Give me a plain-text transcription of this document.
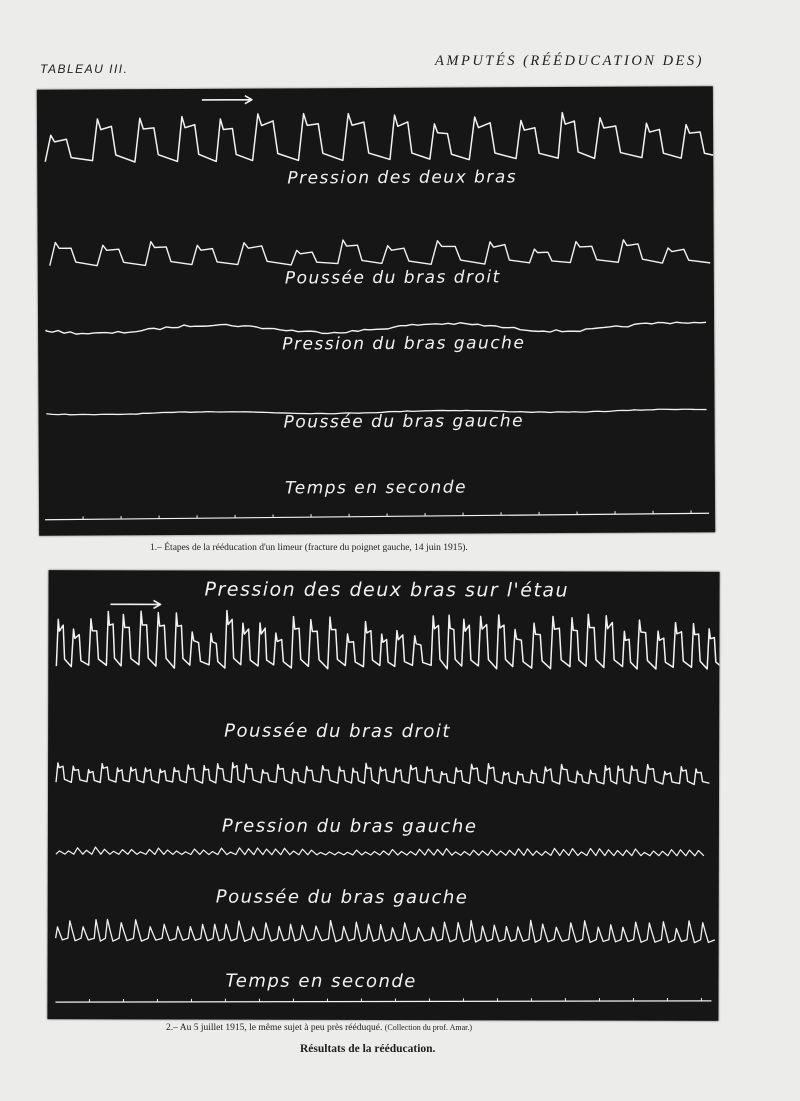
TABLEAU III.	AMPUTÉS (RÉÉDUCATION DES)
Pression des deux bras
Poussée du bras droit
Pression du bras gauche
Poussée du bras gauche
Temps en seconde
1.– Étapes de la rééducation d'un limeur (fracture du poignet gauche, 14 juin 1915).
Pression des deux bras sur l'étau
Poussée du bras droit
Pression du bras gauche
Poussée du bras gauche
Temps en seconde
2.– Au 5 juillet 1915, le même sujet à peu près rééduqué. (Collection du prof. Amar.)
Résultats de la rééducation.
